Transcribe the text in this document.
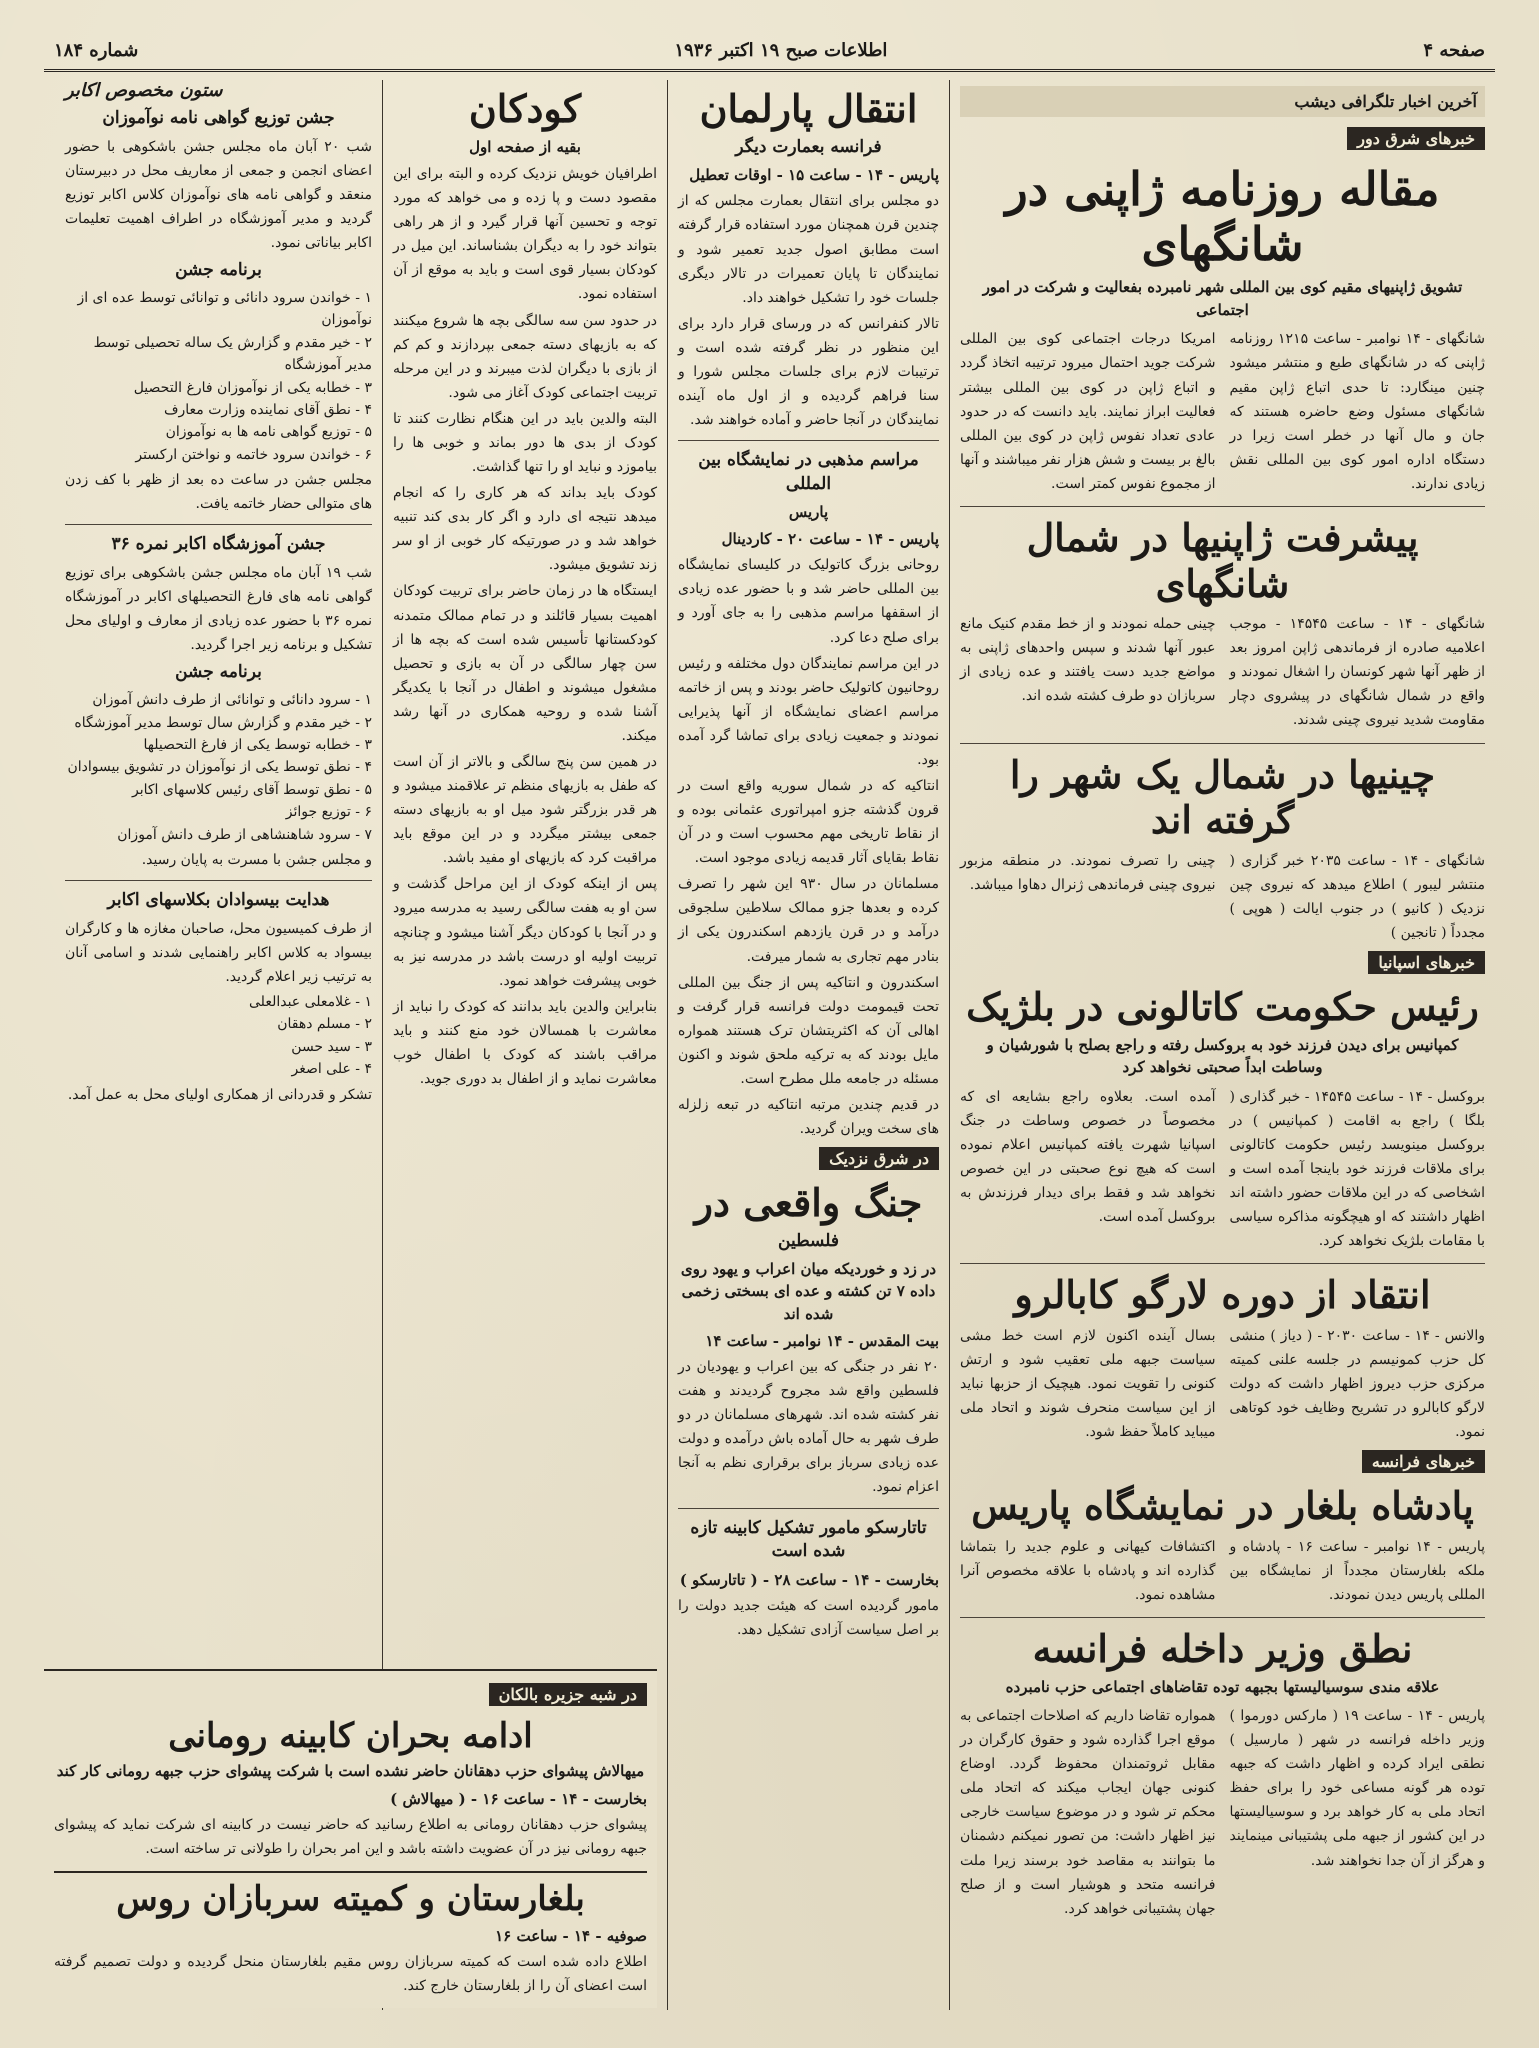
صفحه ۴
اطلاعات صبح ۱۹ اکتبر ۱۹۳۶
شماره ۱۸۴
آخرین اخبار تلگرافی دیشب
خبرهای شرق دور
مقاله روزنامه ژاپنی در شانگهای
تشویق ژاپنیهای مقیم کوی بین المللی شهر نامبرده بفعالیت و شرکت در امور اجتماعی
شانگهای - ۱۴ نوامبر - ساعت ۱۲۱۵ روزنامه ژاپنی که در شانگهای طبع و منتشر میشود چنین مینگارد: تا حدی اتباع ژاپن مقیم شانگهای مسئول وضع حاضره هستند که جان و مال آنها در خطر است زیرا در دستگاه اداره امور کوی بین المللی نقش زیادی ندارند.
امریکا درجات اجتماعی کوی بین المللی شرکت جوید احتمال میرود ترتیبه اتخاذ گردد و اتباع ژاپن در کوی بین المللی بیشتر فعالیت ابراز نمایند. باید دانست که در حدود عادی تعداد نفوس ژاپن در کوی بین المللی بالغ بر بیست و شش هزار نفر میباشند و آنها از مجموع نفوس کمتر است.
پیشرفت ژاپنیها در شمال شانگهای
شانگهای - ۱۴ - ساعت ۱۴۵۴۵ - موجب اعلامیه صادره از فرماندهی ژاپن امروز بعد از ظهر آنها شهر کونسان را اشغال نمودند و واقع در شمال شانگهای در پیشروی دچار مقاومت شدید نیروی چینی شدند.
چینی حمله نمودند و از خط مقدم کنیک مانع عبور آنها شدند و سپس واحدهای ژاپنی به مواضع جدید دست یافتند و عده زیادی از سربازان دو طرف کشته شده اند.
چینیها در شمال یک شهر را گرفته اند
شانگهای - ۱۴ - ساعت ۲۰۳۵ خبر گزاری ( منتشر لیبور ) اطلاع میدهد که نیروی چین نزدیک ( کانیو ) در جنوب ایالت ( هوپی ) مجدداً ( تانجین )
چینی را تصرف نمودند. در منطقه مزبور نیروی چینی فرماندهی ژنرال دهاوا میباشد.
خبرهای اسپانیا
رئیس حکومت کاتالونی در بلژیک
کمپانیس برای دیدن فرزند خود به بروکسل رفته و راجع بصلح با شورشیان و وساطت ابداً صحبتی نخواهد کرد
بروکسل - ۱۴ - ساعت ۱۴۵۴۵ - خبر گذاری ( بلگا ) راجع به اقامت ( کمپانیس ) در بروکسل مینویسد رئیس حکومت کاتالونی برای ملاقات فرزند خود باینجا آمده است و اشخاصی که در این ملاقات حضور داشته اند اظهار داشتند که او هیچگونه مذاکره سیاسی با مقامات بلژیک نخواهد کرد.
آمده است. بعلاوه راجع بشایعه ای که مخصوصاً در خصوص وساطت در جنگ اسپانیا شهرت یافته کمپانیس اعلام نموده است که هیچ نوع صحبتی در این خصوص نخواهد شد و فقط برای دیدار فرزندش به بروکسل آمده است.
انتقاد از دوره لارگو کابالرو
والانس - ۱۴ - ساعت ۲۰۳۰ - ( دیاز ) منشی کل حزب کمونیسم در جلسه علنی کمیته مرکزی حزب دیروز اظهار داشت که دولت لارگو کابالرو در تشریح وظایف خود کوتاهی نمود.
بسال آینده اکنون لازم است خط مشی سیاست جبهه ملی تعقیب شود و ارتش کنونی را تقویت نمود. هیچیک از حزبها نباید از این سیاست منحرف شوند و اتحاد ملی میباید کاملاً حفظ شود.
خبرهای فرانسه
پادشاه بلغار در نمایشگاه پاریس
پاریس - ۱۴ نوامبر - ساعت ۱۶ - پادشاه و ملکه بلغارستان مجدداً از نمایشگاه بین المللی پاریس دیدن نمودند.
اکتشافات کیهانی و علوم جدید را بتماشا گذارده اند و پادشاه با علاقه مخصوص آنرا مشاهده نمود.
نطق وزیر داخله فرانسه
علاقه مندی سوسیالیستها بجبهه توده تقاضاهای اجتماعی حزب نامبرده
پاریس - ۱۴ - ساعت ۱۹ ( مارکس دورموا ) وزیر داخله فرانسه در شهر ( مارسیل ) نطقی ایراد کرده و اظهار داشت که جبهه توده هر گونه مساعی خود را برای حفظ اتحاد ملی به کار خواهد برد و سوسیالیستها در این کشور از جبهه ملی پشتیبانی مینمایند و هرگز از آن جدا نخواهند شد.
همواره تقاضا داریم که اصلاحات اجتماعی به موقع اجرا گذارده شود و حقوق کارگران در مقابل ثروتمندان محفوظ گردد. اوضاع کنونی جهان ایجاب میکند که اتحاد ملی محکم تر شود و در موضوع سیاست خارجی نیز اظهار داشت: من تصور نمیکنم دشمنان ما بتوانند به مقاصد خود برسند زیرا ملت فرانسه متحد و هوشیار است و از صلح جهان پشتیبانی خواهد کرد.
انتقال پارلمان
فرانسه بعمارت دیگر
پاریس - ۱۴ - ساعت ۱۵ - اوقات تعطیل

دو مجلس برای انتقال بعمارت مجلس که از چندین قرن همچنان مورد استفاده قرار گرفته است مطابق اصول جدید تعمیر شود و نمایندگان تا پایان تعمیرات در تالار دیگری جلسات خود را تشکیل خواهند داد.

تالار کنفرانس که در ورسای قرار دارد برای این منظور در نظر گرفته شده است و ترتیبات لازم برای جلسات مجلس شورا و سنا فراهم گردیده و از اول ماه آینده نمایندگان در آنجا حاضر و آماده خواهند شد.

مراسم مذهبی در نمایشگاه بین المللی
پاریس
پاریس - ۱۴ - ساعت ۲۰ - کاردینال

روحانی بزرگ کاتولیک در کلیسای نمایشگاه بین المللی حاضر شد و با حضور عده زیادی از اسقفها مراسم مذهبی را به جای آورد و برای صلح دعا کرد.

در این مراسم نمایندگان دول مختلفه و رئیس روحانیون کاتولیک حاضر بودند و پس از خاتمه مراسم اعضای نمایشگاه از آنها پذیرایی نمودند و جمعیت زیادی برای تماشا گرد آمده بود.

انتاکیه که در شمال سوریه واقع است در قرون گذشته جزو امپراتوری عثمانی بوده و از نقاط تاریخی مهم محسوب است و در آن نقاط بقایای آثار قدیمه زیادی موجود است.

مسلمانان در سال ۹۳۰ این شهر را تصرف کرده و بعدها جزو ممالک سلاطین سلجوقی درآمد و در قرن یازدهم اسکندرون یکی از بنادر مهم تجاری به شمار میرفت.

اسکندرون و انتاکیه پس از جنگ بین المللی تحت قیمومت دولت فرانسه قرار گرفت و اهالی آن که اکثریتشان ترک هستند همواره مایل بودند که به ترکیه ملحق شوند و اکنون مسئله در جامعه ملل مطرح است.

در قدیم چندین مرتبه انتاکیه در تبعه زلزله های سخت ویران گردید.

در شرق نزدیک
جنگ واقعی در
فلسطین
در زد و خوردیکه میان اعراب و یهود روی داده ۷ تن کشته و عده ای بسختی زخمی شده اند
بیت المقدس - ۱۴ نوامبر - ساعت ۱۴

۲۰ نفر در جنگی که بین اعراب و یهودیان در فلسطین واقع شد مجروح گردیدند و هفت نفر کشته شده اند. شهرهای مسلمانان در دو طرف شهر به حال آماده باش درآمده و دولت عده زیادی سرباز برای برقراری نظم به آنجا اعزام نمود.

تاتارسکو مامور تشکیل کابینه تازه شده است
بخارست - ۱۴ - ساعت ۲۸ - ( تاتارسکو )

مامور گردیده است که هیئت جدید دولت را بر اصل سیاست آزادی تشکیل دهد.

کودکان
بقیه از صفحه اول

اطرافیان خویش نزدیک کرده و البته برای این مقصود دست و پا زده و می خواهد که مورد توجه و تحسین آنها قرار گیرد و از هر راهی بتواند خود را به دیگران بشناساند. این میل در کودکان بسیار قوی است و باید به موقع از آن استفاده نمود.

در حدود سن سه سالگی بچه ها شروع میکنند که به بازیهای دسته جمعی بپردازند و کم کم از بازی با دیگران لذت میبرند و در این مرحله تربیت اجتماعی کودک آغاز می شود.

البته والدین باید در این هنگام نظارت کنند تا کودک از بدی ها دور بماند و خوبی ها را بیاموزد و نباید او را تنها گذاشت.

کودک باید بداند که هر کاری را که انجام میدهد نتیجه ای دارد و اگر کار بدی کند تنبیه خواهد شد و در صورتیکه کار خوبی از او سر زند تشویق میشود.

ایستگاه ها در زمان حاضر برای تربیت کودکان اهمیت بسیار قائلند و در تمام ممالک متمدنه کودکستانها تأسیس شده است که بچه ها از سن چهار سالگی در آن به بازی و تحصیل مشغول میشوند و اطفال در آنجا با یکدیگر آشنا شده و روحیه همکاری در آنها رشد میکند.

در همین سن پنج سالگی و بالاتر از آن است که طفل به بازیهای منظم تر علاقمند میشود و هر قدر بزرگتر شود میل او به بازیهای دسته جمعی بیشتر میگردد و در این موقع باید مراقبت کرد که بازیهای او مفید باشد.

پس از اینکه کودک از این مراحل گذشت و سن او به هفت سالگی رسید به مدرسه میرود و در آنجا با کودکان دیگر آشنا میشود و چنانچه تربیت اولیه او درست باشد در مدرسه نیز به خوبی پیشرفت خواهد نمود.

بنابراین والدین باید بدانند که کودک را نباید از معاشرت با همسالان خود منع کنند و باید مراقب باشند که کودک با اطفال خوب معاشرت نماید و از اطفال بد دوری جوید.

ستون مخصوص اکابر
جشن توزیع گواهی نامه نوآموزان

شب ۲۰ آبان ماه مجلس جشن باشکوهی با حضور اعضای انجمن و جمعی از معاریف محل در دبیرستان منعقد و گواهی نامه های نوآموزان کلاس اکابر توزیع گردید و مدیر آموزشگاه در اطراف اهمیت تعلیمات اکابر بیاناتی نمود.

برنامه جشن

۱ - خواندن سرود دانائی و توانائی توسط عده ای از نوآموزان

۲ - خیر مقدم و گزارش یک ساله تحصیلی توسط مدیر آموزشگاه

۳ - خطابه یکی از نوآموزان فارغ التحصیل

۴ - نطق آقای نماینده وزارت معارف

۵ - توزیع گواهی نامه ها به نوآموزان

۶ - خواندن سرود خاتمه و نواختن ارکستر

مجلس جشن در ساعت ده بعد از ظهر با کف زدن های متوالی حضار خاتمه یافت.

جشن آموزشگاه اکابر نمره ۳۶

شب ۱۹ آبان ماه مجلس جشن باشکوهی برای توزیع گواهی نامه های فارغ التحصیلهای اکابر در آموزشگاه نمره ۳۶ با حضور عده زیادی از معارف و اولیای محل تشکیل و برنامه زیر اجرا گردید.

برنامه جشن

۱ - سرود دانائی و توانائی از طرف دانش آموزان

۲ - خیر مقدم و گزارش سال توسط مدیر آموزشگاه

۳ - خطابه توسط یکی از فارغ التحصیلها

۴ - نطق توسط یکی از نوآموزان در تشویق بیسوادان

۵ - نطق توسط آقای رئیس کلاسهای اکابر

۶ - توزیع جوائز

۷ - سرود شاهنشاهی از طرف دانش آموزان

و مجلس جشن با مسرت به پایان رسید.

هدایت بیسوادان بکلاسهای اکابر

از طرف کمیسیون محل، صاحبان مغازه ها و کارگران بیسواد به کلاس اکابر راهنمایی شدند و اسامی آنان به ترتیب زیر اعلام گردید.

۱ - غلامعلی عبدالعلی

۲ - مسلم دهقان

۳ - سید حسن

۴ - علی اصغر

تشکر و قدردانی از همکاری اولیای محل به عمل آمد.

در شبه جزیره بالکان
ادامه بحران کابینه رومانی
میهالاش پیشوای حزب دهقانان حاضر نشده است با شرکت پیشوای حزب جبهه رومانی کار کند
بخارست - ۱۴ - ساعت ۱۶ - ( میهالاش )

پیشوای حزب دهقانان رومانی به اطلاع رسانید که حاضر نیست در کابینه ای شرکت نماید که پیشوای جبهه رومانی نیز در آن عضویت داشته باشد و این امر بحران را طولانی تر ساخته است.

بلغارستان و کمیته سربازان روس
صوفیه - ۱۴ - ساعت ۱۶

اطلاع داده شده است که کمیته سربازان روس مقیم بلغارستان منحل گردیده و دولت تصمیم گرفته است اعضای آن را از بلغارستان خارج کند.
